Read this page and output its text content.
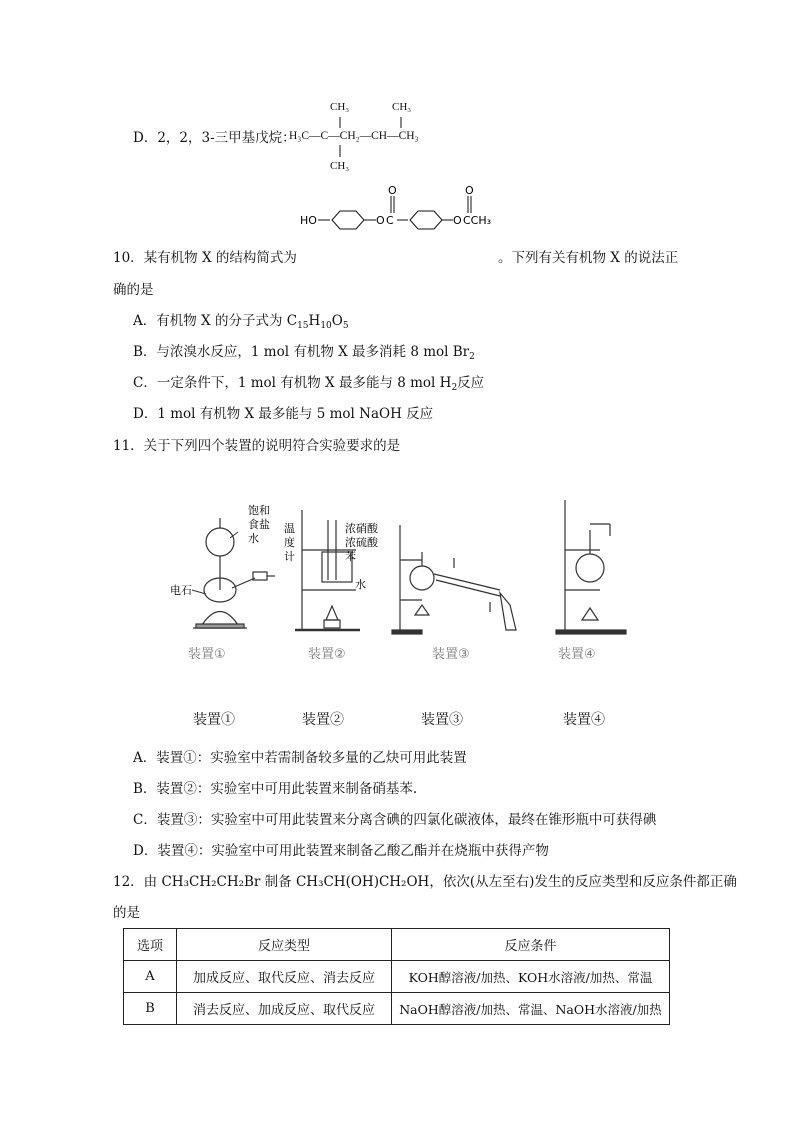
D．2，2，3-三甲基戊烷：
CH₃	CH₃
H₃C—C—CH₂—CH—CH₃
CH₃
HO	O C
O
O
O
CCH₃
10．某有机物 X 的结构简式为	。下列有关有机物 X 的说法正
确的是
A．有机物 X 的分子式为 $C_{15}H_{10}O_5$
B．与浓溴水反应，1 mol 有机物 X 最多消耗 8 mol $Br_2$
C．一定条件下，1 mol 有机物 X 最多能与 8 mol $H_2$反应
D．1 mol 有机物 X 最多能与 5 mol NaOH 反应
11．关于下列四个装置的说明符合实验要求的是
饱和
食盐
水
电石
温
度
计
浓硝酸
浓硫酸
苯
水
装置①	装置②	装置③	装置④
装置①	装置②	装置③	装置④
A．装置①：实验室中若需制备较多量的乙炔可用此装置
B．装置②：实验室中可用此装置来制备硝基苯.
C．装置③：实验室中可用此装置来分离含碘的四氯化碳液体，最终在锥形瓶中可获得碘
D．装置④：实验室中可用此装置来制备乙酸乙酯并在烧瓶中获得产物
12．由 CH₃CH₂CH₂Br 制备 CH₃CH(OH)CH₂OH，依次(从左至右)发生的反应类型和反应条件都正确
的是
选项	反应类型	反应条件
A	加成反应、取代反应、消去反应	KOH醇溶液/加热、KOH水溶液/加热、常温
B	消去反应、加成反应、取代反应	NaOH醇溶液/加热、常温、NaOH水溶液/加热
